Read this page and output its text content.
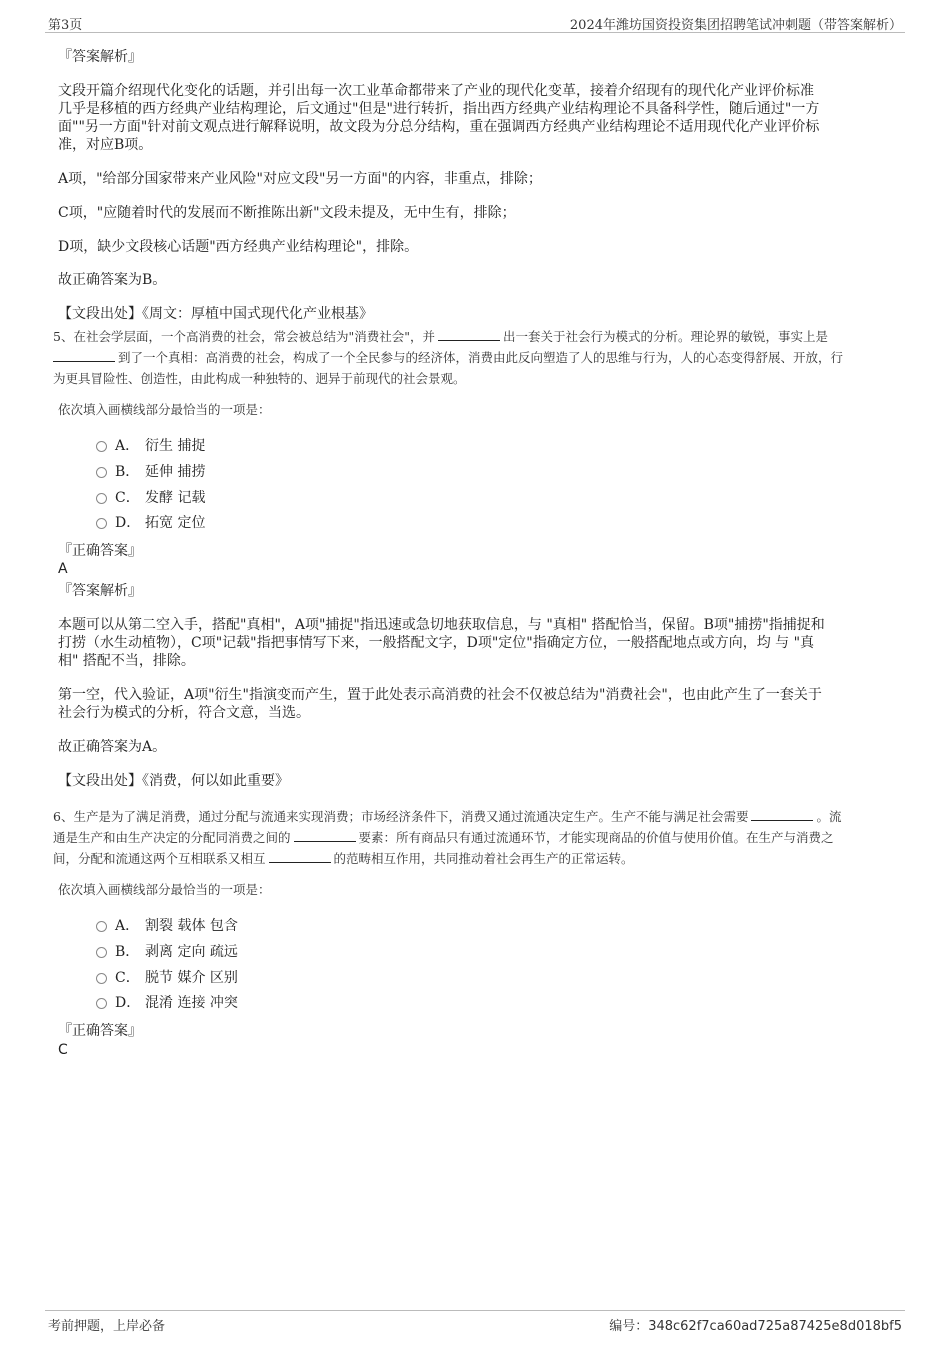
第3页	2024年潍坊国资投资集团招聘笔试冲刺题（带答案解析）
『答案解析』
文段开篇介绍现代化变化的话题，并引出每一次工业革命都带来了产业的现代化变革，接着介绍现有的现代化产业评价标准
几乎是移植的西方经典产业结构理论，后文通过"但是"进行转折，指出西方经典产业结构理论不具备科学性，随后通过"一方
面""另一方面"针对前文观点进行解释说明，故文段为分总分结构，重在强调西方经典产业结构理论不适用现代化产业评价标
准，对应B项。
A项，"给部分国家带来产业风险"对应文段"另一方面"的内容，非重点，排除；
C项，"应随着时代的发展而不断推陈出新"文段未提及，无中生有，排除；
D项，缺少文段核心话题"西方经典产业结构理论"，排除。
故正确答案为B。
【文段出处】《周文：厚植中国式现代化产业根基》
5、在社会学层面，一个高消费的社会，常会被总结为"消费社会"，并	出一套关于社会行为模式的分析。理论界的敏锐，事实上是
到了一个真相：高消费的社会，构成了一个全民参与的经济体，消费由此反向塑造了人的思维与行为，人的心态变得舒展、开放，行
为更具冒险性、创造性，由此构成一种独特的、迥异于前现代的社会景观。
依次填入画横线部分最恰当的一项是：
A． 衍生 捕捉
B． 延伸 捕捞
C． 发酵 记载
D． 拓宽 定位
『正确答案』
A
『答案解析』
本题可以从第二空入手，搭配"真相"，A项"捕捉"指迅速或急切地获取信息，与 "真相" 搭配恰当，保留。B项"捕捞"指捕捉和
打捞（水生动植物），C项"记载"指把事情写下来，一般搭配文字，D项"定位"指确定方位，一般搭配地点或方向，均 与 "真
相" 搭配不当，排除。
第一空，代入验证，A项"衍生"指演变而产生，置于此处表示高消费的社会不仅被总结为"消费社会"，也由此产生了一套关于
社会行为模式的分析，符合文意，当选。
故正确答案为A。
【文段出处】《消费，何以如此重要》
6、生产是为了满足消费，通过分配与流通来实现消费；市场经济条件下，消费又通过流通决定生产。生产不能与满足社会需要	。流
通是生产和由生产决定的分配同消费之间的	要素：所有商品只有通过流通环节，才能实现商品的价值与使用价值。在生产与消费之
间，分配和流通这两个互相联系又相互	的范畴相互作用，共同推动着社会再生产的正常运转。
依次填入画横线部分最恰当的一项是：
A． 割裂 载体 包含
B． 剥离 定向 疏远
C． 脱节 媒介 区别
D． 混淆 连接 冲突
『正确答案』
C
考前押题，上岸必备	编号：348c62f7ca60ad725a87425e8d018bf5
